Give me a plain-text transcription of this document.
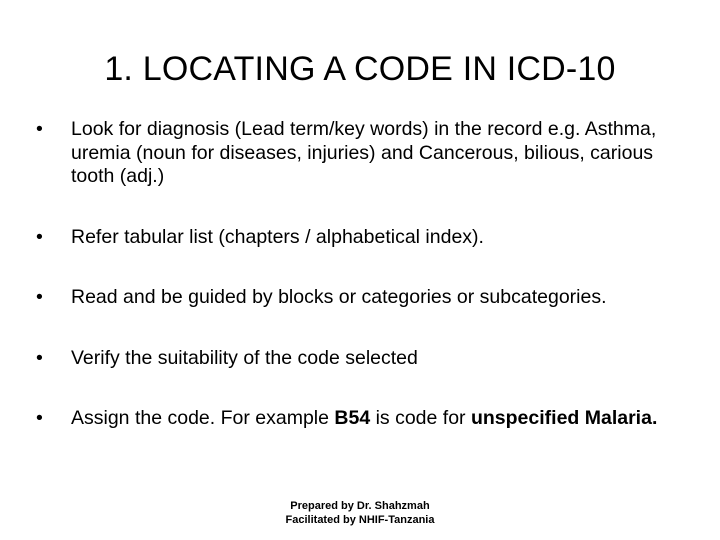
1. LOCATING A CODE IN ICD-10
•	Look for diagnosis (Lead term/key words) in the record e.g. Asthma, uremia (noun for diseases, injuries) and Cancerous, bilious, carious tooth (adj.)
•	Refer tabular list (chapters / alphabetical index).
•	Read and be guided by blocks or categories or subcategories.
•	Verify the suitability of the code selected
•	Assign the code. For example B54 is code for unspecified Malaria.
Prepared by Dr. Shahzmah
Facilitated by NHIF-Tanzania
